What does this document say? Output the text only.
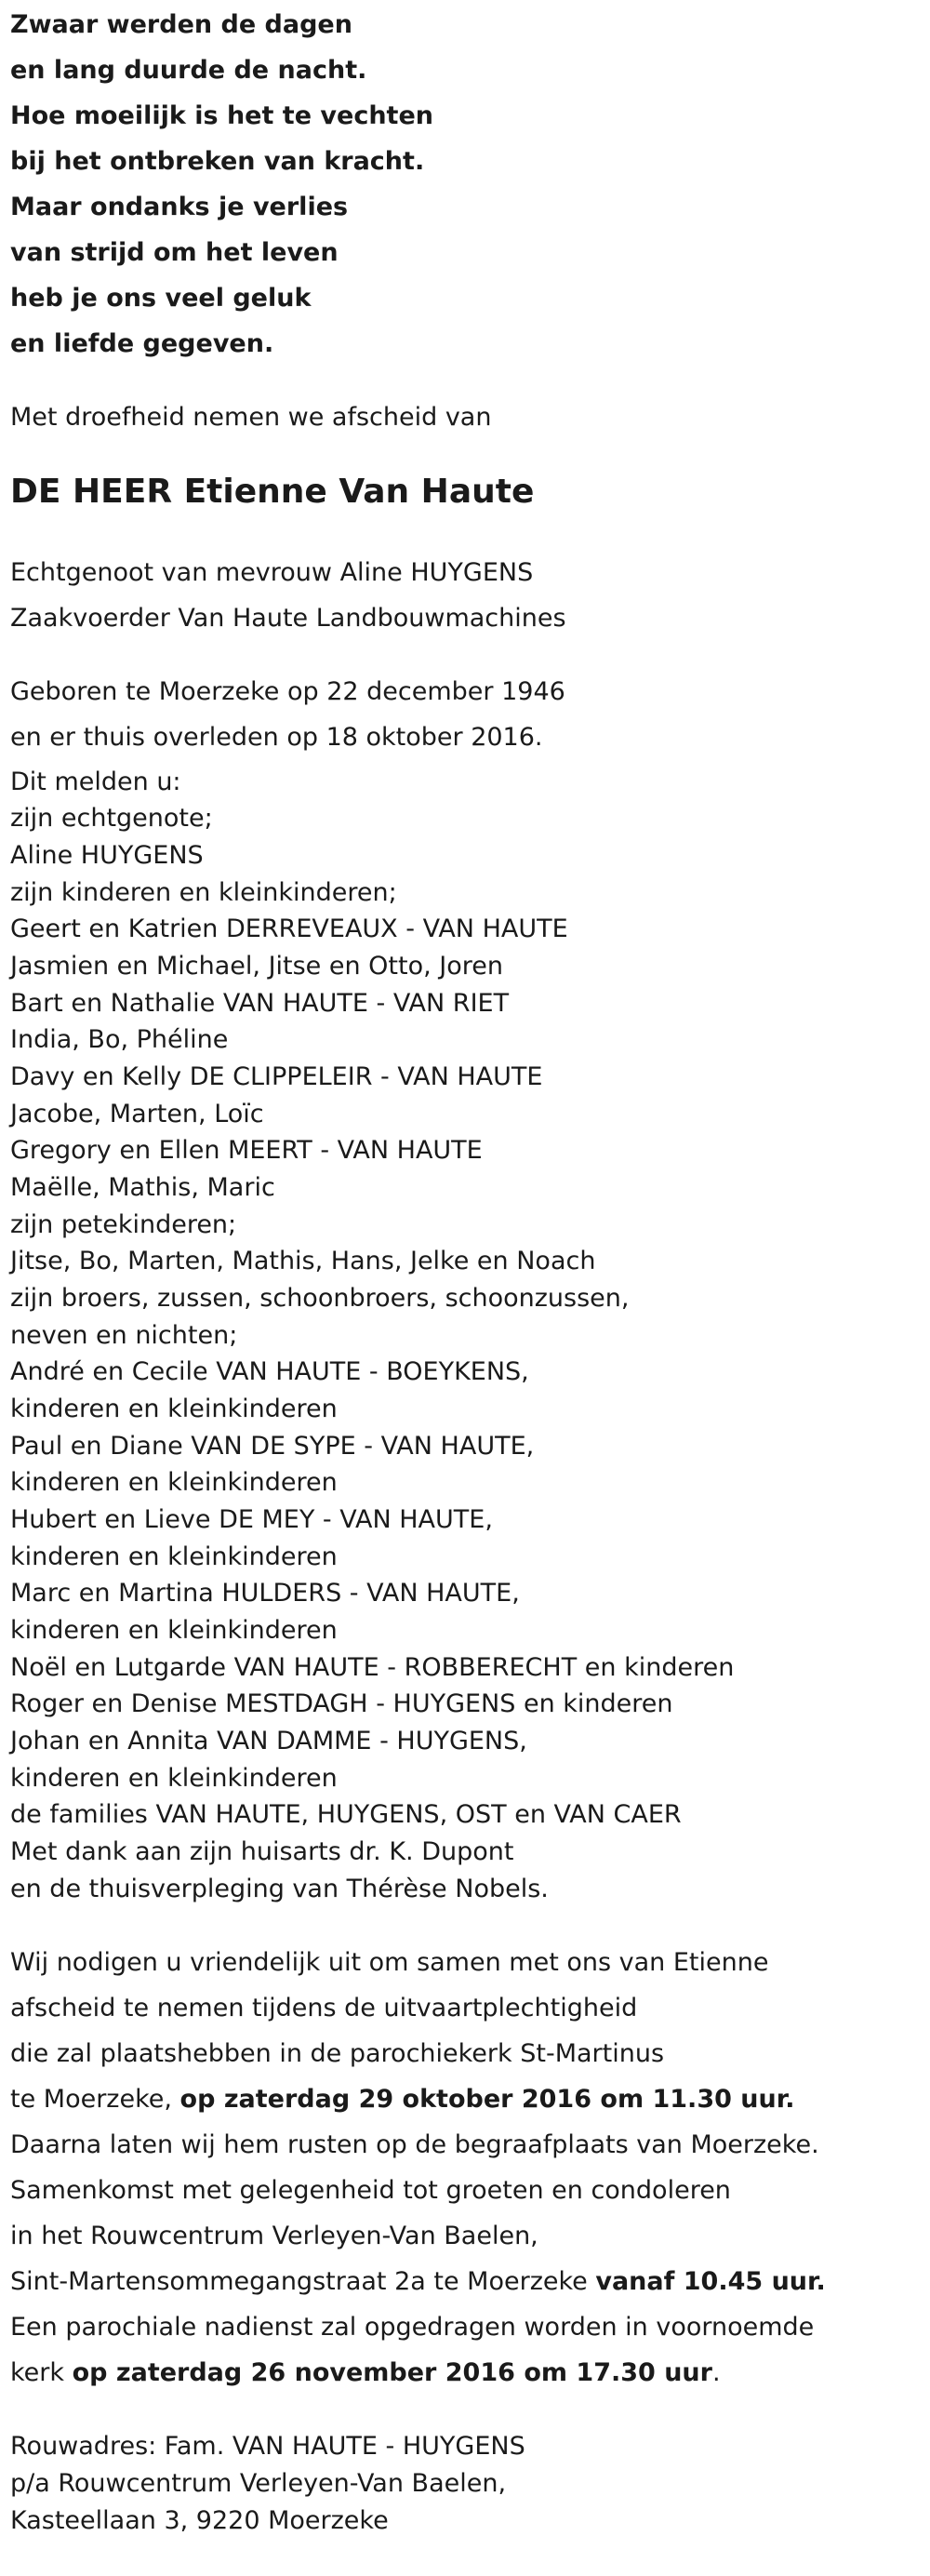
Zwaar werden de dagen
en lang duurde de nacht.
Hoe moeilijk is het te vechten
bij het ontbreken van kracht.
Maar ondanks je verlies
van strijd om het leven
heb je ons veel geluk
en liefde gegeven.
Met droefheid nemen we afscheid van
DE HEER Etienne Van Haute
Echtgenoot van mevrouw Aline HUYGENS
Zaakvoerder Van Haute Landbouwmachines
Geboren te Moerzeke op 22 december 1946
en er thuis overleden op 18 oktober 2016.
Dit melden u:
zijn echtgenote;
Aline HUYGENS
zijn kinderen en kleinkinderen;
Geert en Katrien DERREVEAUX - VAN HAUTE
Jasmien en Michael, Jitse en Otto, Joren
Bart en Nathalie VAN HAUTE - VAN RIET
India, Bo, Phéline
Davy en Kelly DE CLIPPELEIR - VAN HAUTE
Jacobe, Marten, Loïc
Gregory en Ellen MEERT - VAN HAUTE
Maëlle, Mathis, Maric
zijn petekinderen;
Jitse, Bo, Marten, Mathis, Hans, Jelke en Noach
zijn broers, zussen, schoonbroers, schoonzussen,
neven en nichten;
André en Cecile VAN HAUTE - BOEYKENS,
kinderen en kleinkinderen
Paul en Diane VAN DE SYPE - VAN HAUTE,
kinderen en kleinkinderen
Hubert en Lieve DE MEY - VAN HAUTE,
kinderen en kleinkinderen
Marc en Martina HULDERS - VAN HAUTE,
kinderen en kleinkinderen
Noël en Lutgarde VAN HAUTE - ROBBERECHT en kinderen
Roger en Denise MESTDAGH - HUYGENS en kinderen
Johan en Annita VAN DAMME - HUYGENS,
kinderen en kleinkinderen
de families VAN HAUTE, HUYGENS, OST en VAN CAER
Met dank aan zijn huisarts dr. K. Dupont
en de thuisverpleging van Thérèse Nobels.
Wij nodigen u vriendelijk uit om samen met ons van Etienne
afscheid te nemen tijdens de uitvaartplechtigheid
die zal plaatshebben in de parochiekerk St-Martinus
te Moerzeke, op zaterdag 29 oktober 2016 om 11.30 uur.
Daarna laten wij hem rusten op de begraafplaats van Moerzeke.
Samenkomst met gelegenheid tot groeten en condoleren
in het Rouwcentrum Verleyen-Van Baelen,
Sint-Martensommegangstraat 2a te Moerzeke vanaf 10.45 uur.
Een parochiale nadienst zal opgedragen worden in voornoemde
kerk op zaterdag 26 november 2016 om 17.30 uur.
Rouwadres: Fam. VAN HAUTE - HUYGENS
p/a Rouwcentrum Verleyen-Van Baelen,
Kasteellaan 3, 9220 Moerzeke
